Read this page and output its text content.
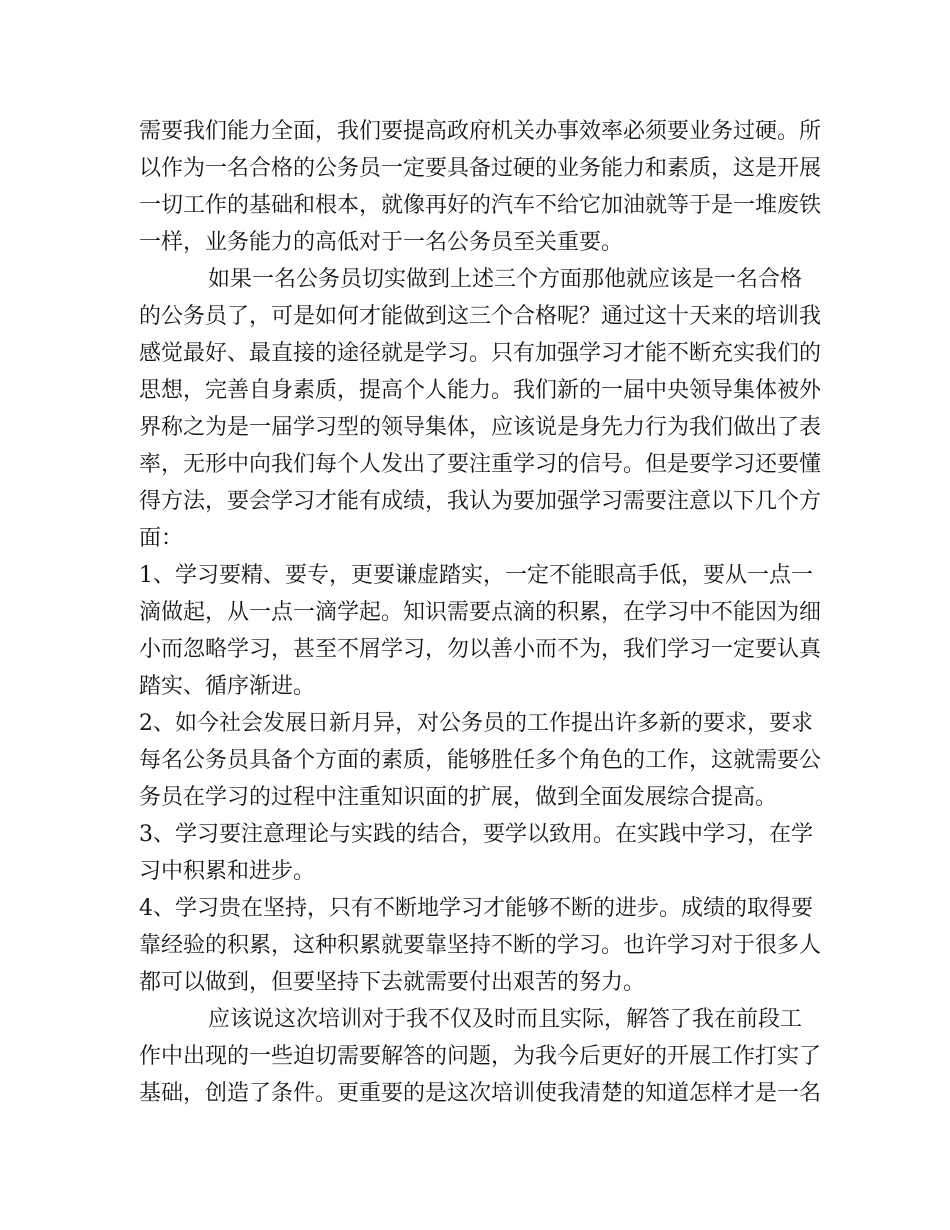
需要我们能力全面，我们要提高政府机关办事效率必须要业务过硬。所
以作为一名合格的公务员一定要具备过硬的业务能力和素质，这是开展
一切工作的基础和根本，就像再好的汽车不给它加油就等于是一堆废铁
一样，业务能力的高低对于一名公务员至关重要。
如果一名公务员切实做到上述三个方面那他就应该是一名合格
的公务员了，可是如何才能做到这三个合格呢？通过这十天来的培训我
感觉最好、最直接的途径就是学习。只有加强学习才能不断充实我们的
思想，完善自身素质，提高个人能力。我们新的一届中央领导集体被外
界称之为是一届学习型的领导集体，应该说是身先力行为我们做出了表
率，无形中向我们每个人发出了要注重学习的信号。但是要学习还要懂
得方法，要会学习才能有成绩，我认为要加强学习需要注意以下几个方
面：
1、学习要精、要专，更要谦虚踏实，一定不能眼高手低，要从一点一
滴做起，从一点一滴学起。知识需要点滴的积累，在学习中不能因为细
小而忽略学习，甚至不屑学习，勿以善小而不为，我们学习一定要认真
踏实、循序渐进。
2、如今社会发展日新月异，对公务员的工作提出许多新的要求，要求
每名公务员具备个方面的素质，能够胜任多个角色的工作，这就需要公
务员在学习的过程中注重知识面的扩展，做到全面发展综合提高。
3、学习要注意理论与实践的结合，要学以致用。在实践中学习，在学
习中积累和进步。
4、学习贵在坚持，只有不断地学习才能够不断的进步。成绩的取得要
靠经验的积累，这种积累就要靠坚持不断的学习。也许学习对于很多人
都可以做到，但要坚持下去就需要付出艰苦的努力。
应该说这次培训对于我不仅及时而且实际，解答了我在前段工
作中出现的一些迫切需要解答的问题，为我今后更好的开展工作打实了
基础，创造了条件。更重要的是这次培训使我清楚的知道怎样才是一名
